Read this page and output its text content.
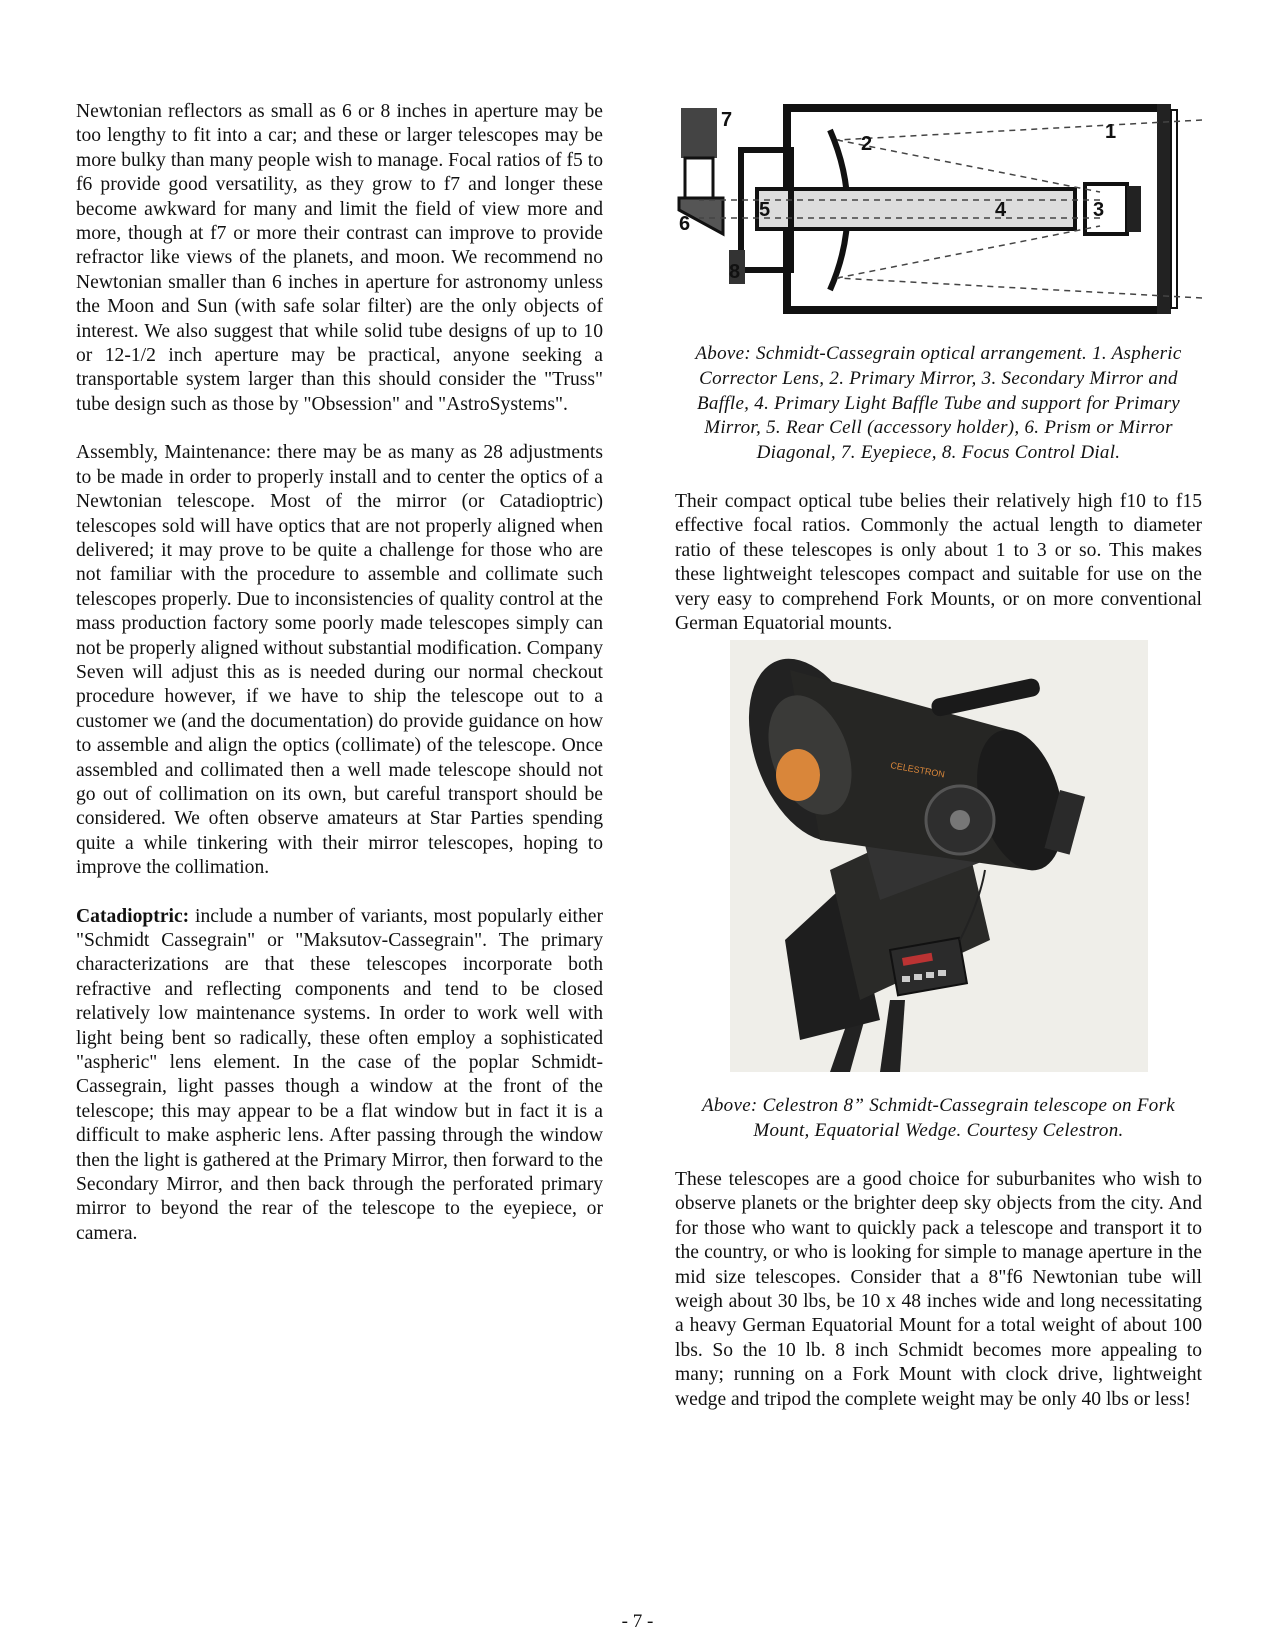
Newtonian reflectors as small as 6 or 8 inches in aperture may be too lengthy to fit into a car; and these or larger telescopes may be more bulky than many people wish to manage. Focal ratios of f5 to f6 provide good versatility, as they grow to f7 and longer these become awkward for many and limit the field of view more and more, though at f7 or more their contrast can improve to provide refractor like views of the planets, and moon. We recommend no Newtonian smaller than 6 inches in aperture for astronomy unless the Moon and Sun (with safe solar filter) are the only objects of interest. We also suggest that while solid tube designs of up to 10 or 12-1/2 inch aperture may be practical, anyone seeking a transportable system larger than this should consider the "Truss" tube design such as those by "Obsession" and "AstroSystems".

Assembly, Maintenance: there may be as many as 28 adjustments to be made in order to properly install and to center the optics of a Newtonian telescope. Most of the mirror (or Catadioptric) telescopes sold will have optics that are not properly aligned when delivered; it may prove to be quite a challenge for those who are not familiar with the procedure to assemble and collimate such telescopes properly. Due to inconsistencies of quality control at the mass production factory some poorly made telescopes simply can not be properly aligned without substantial modification. Company Seven will adjust this as is needed during our normal checkout procedure however, if we have to ship the telescope out to a customer we (and the documentation) do provide guidance on how to assemble and align the optics (collimate) of the telescope. Once assembled and collimated then a well made telescope should not go out of collimation on its own, but careful transport should be considered. We often observe amateurs at Star Parties spending quite a while tinkering with their mirror telescopes, hoping to improve the collimation.

Catadioptric: include a number of variants, most popularly either "Schmidt Cassegrain" or "Maksutov-Cassegrain". The primary characterizations are that these telescopes incorporate both refractive and reflecting components and tend to be closed relatively low maintenance systems. In order to work well with light being bent so radically, these often employ a sophisticated "aspheric" lens element. In the case of the poplar Schmidt-Cassegrain, light passes though a window at the front of the telescope; this may appear to be a flat window but in fact it is a difficult to make aspheric lens. After passing through the window then the light is gathered at the Primary Mirror, then forward to the Secondary Mirror, and then back through the perforated primary mirror to beyond the rear of the telescope to the eyepiece, or camera.

1
2
3
4
5
6
7
8
Above: Schmidt-Cassegrain optical arrangement. 1. Aspheric Corrector Lens, 2. Primary Mirror, 3. Secondary Mirror and Baffle, 4. Primary Light Baffle Tube and support for Primary Mirror, 5. Rear Cell (accessory holder), 6. Prism or Mirror Diagonal, 7. Eyepiece, 8. Focus Control Dial.

Their compact optical tube belies their relatively high f10 to f15 effective focal ratios. Commonly the actual length to diameter ratio of these telescopes is only about 1 to 3 or so. This makes these lightweight telescopes compact and suitable for use on the very easy to comprehend Fork Mounts, or on more conventional German Equatorial mounts.

CELESTRON
Above: Celestron 8” Schmidt-Cassegrain telescope on Fork Mount, Equatorial Wedge. Courtesy Celestron.

These telescopes are a good choice for suburbanites who wish to observe planets or the brighter deep sky objects from the city. And for those who want to quickly pack a telescope and transport it to the country, or who is looking for simple to manage aperture in the mid size telescopes. Consider that a 8"f6 Newtonian tube will weigh about 30 lbs, be 10 x 48 inches wide and long necessitating a heavy German Equatorial Mount for a total weight of about 100 lbs. So the 10 lb. 8 inch Schmidt becomes more appealing to many; running on a Fork Mount with clock drive, lightweight wedge and tripod the complete weight may be only 40 lbs or less!

- 7 -
